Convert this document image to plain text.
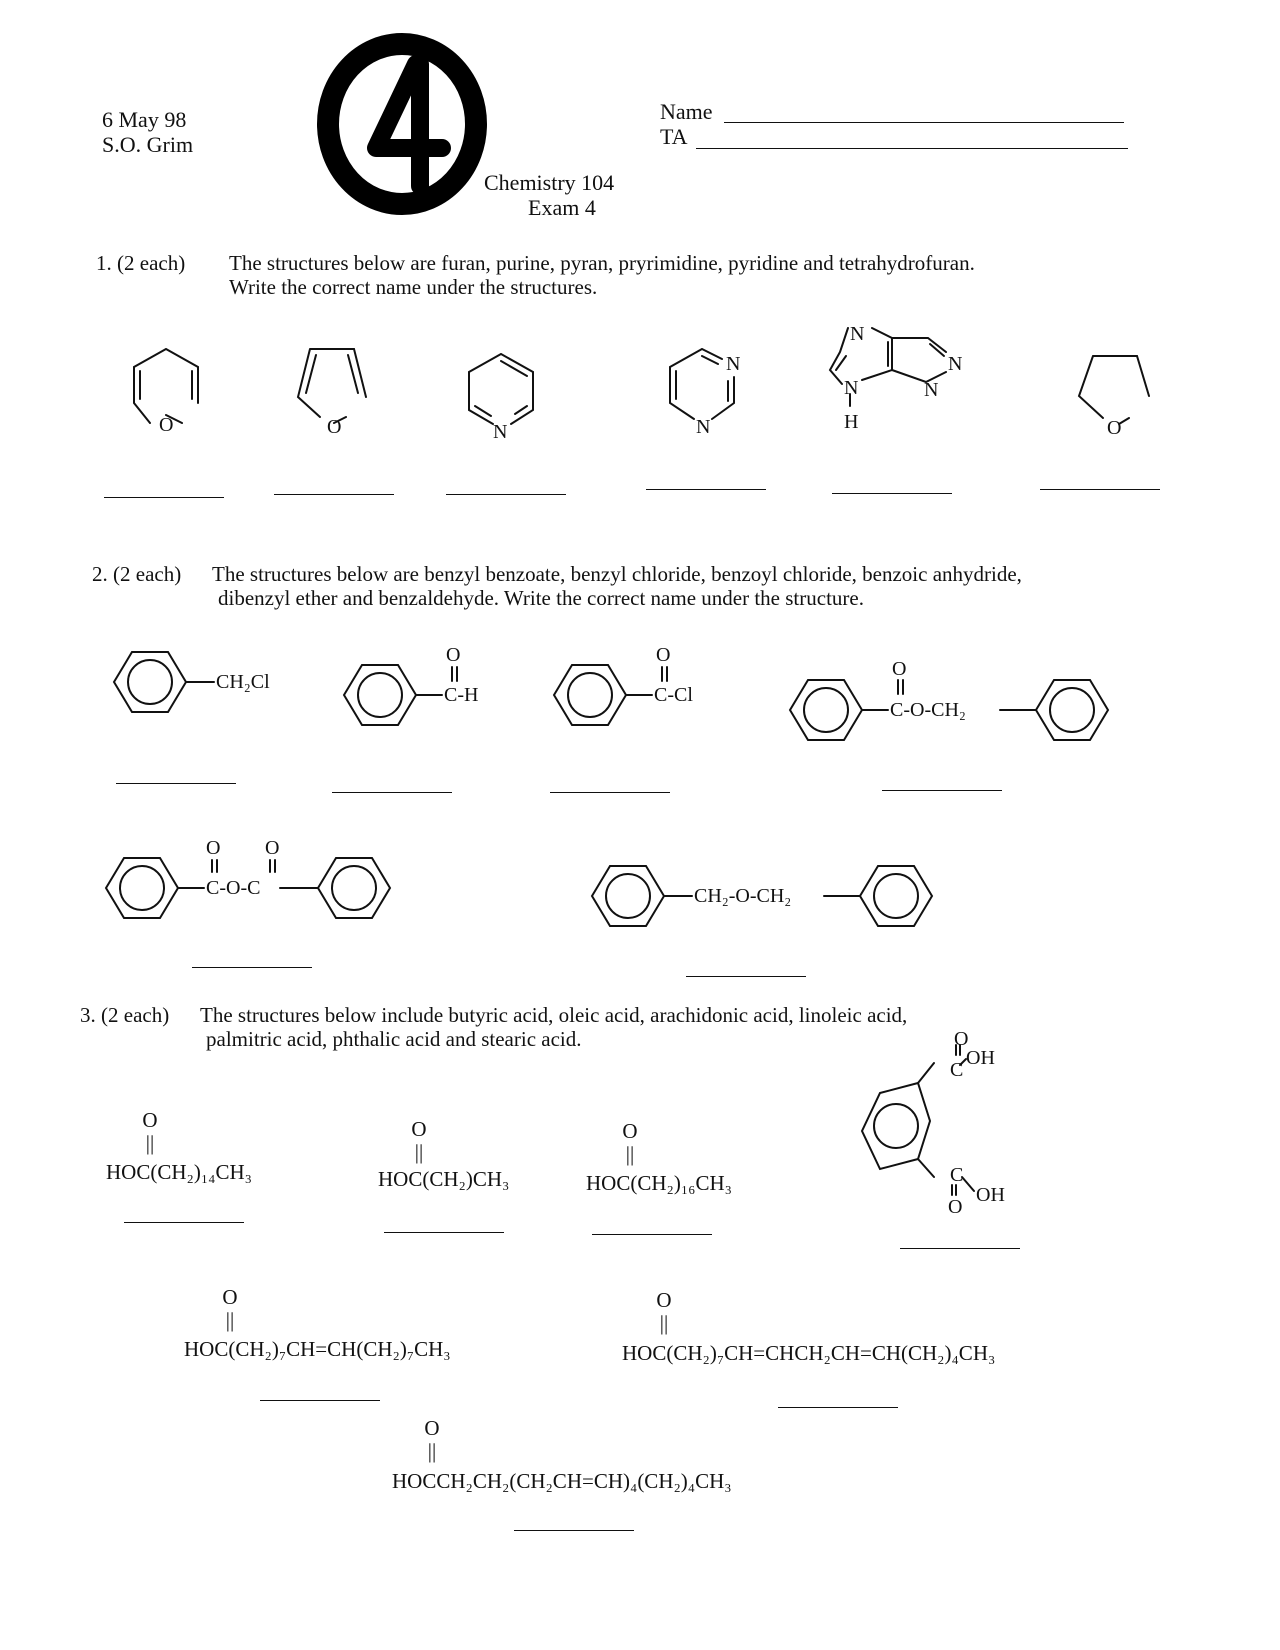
6 May 98
S.O. Grim
Name
TA
Chemistry 104
Exam 4
1. (2 each) The structures below are furan, purine, pyran, pryrimidine, pyridine and tetrahydrofuran.
Write the correct name under the structures.
O	O	N
N
N
N
N
N
N
H	O
2. (2 each) The structures below are benzyl benzoate, benzyl chloride, benzoyl chloride, benzoic anhydride,
dibenzyl ether and benzaldehyde. Write the correct name under the structure.
CH₂Cl
O
C-H
O
C-Cl
O
C-O-CH₂
O O
C-O-C	CH₂-O-CH₂
3. (2 each) The structures below include butyric acid, oleic acid, arachidonic acid, linoleic acid,
palmitric acid, phthalic acid and stearic acid.
O
||
HOC(CH₂)₁₄CH₃
O
||
HOC(CH₂)CH₃
O
||
HOC(CH₂)₁₆CH₃
O
OH
C
C
O
OH
O
||
HOC(CH₂)₇CH=CH(CH₂)₇CH₃
O
||
HOC(CH₂)₇CH=CHCH₂CH=CH(CH₂)₄CH₃
O
||
HOCCH₂CH₂(CH₂CH=CH)₄(CH₂)₄CH₃
